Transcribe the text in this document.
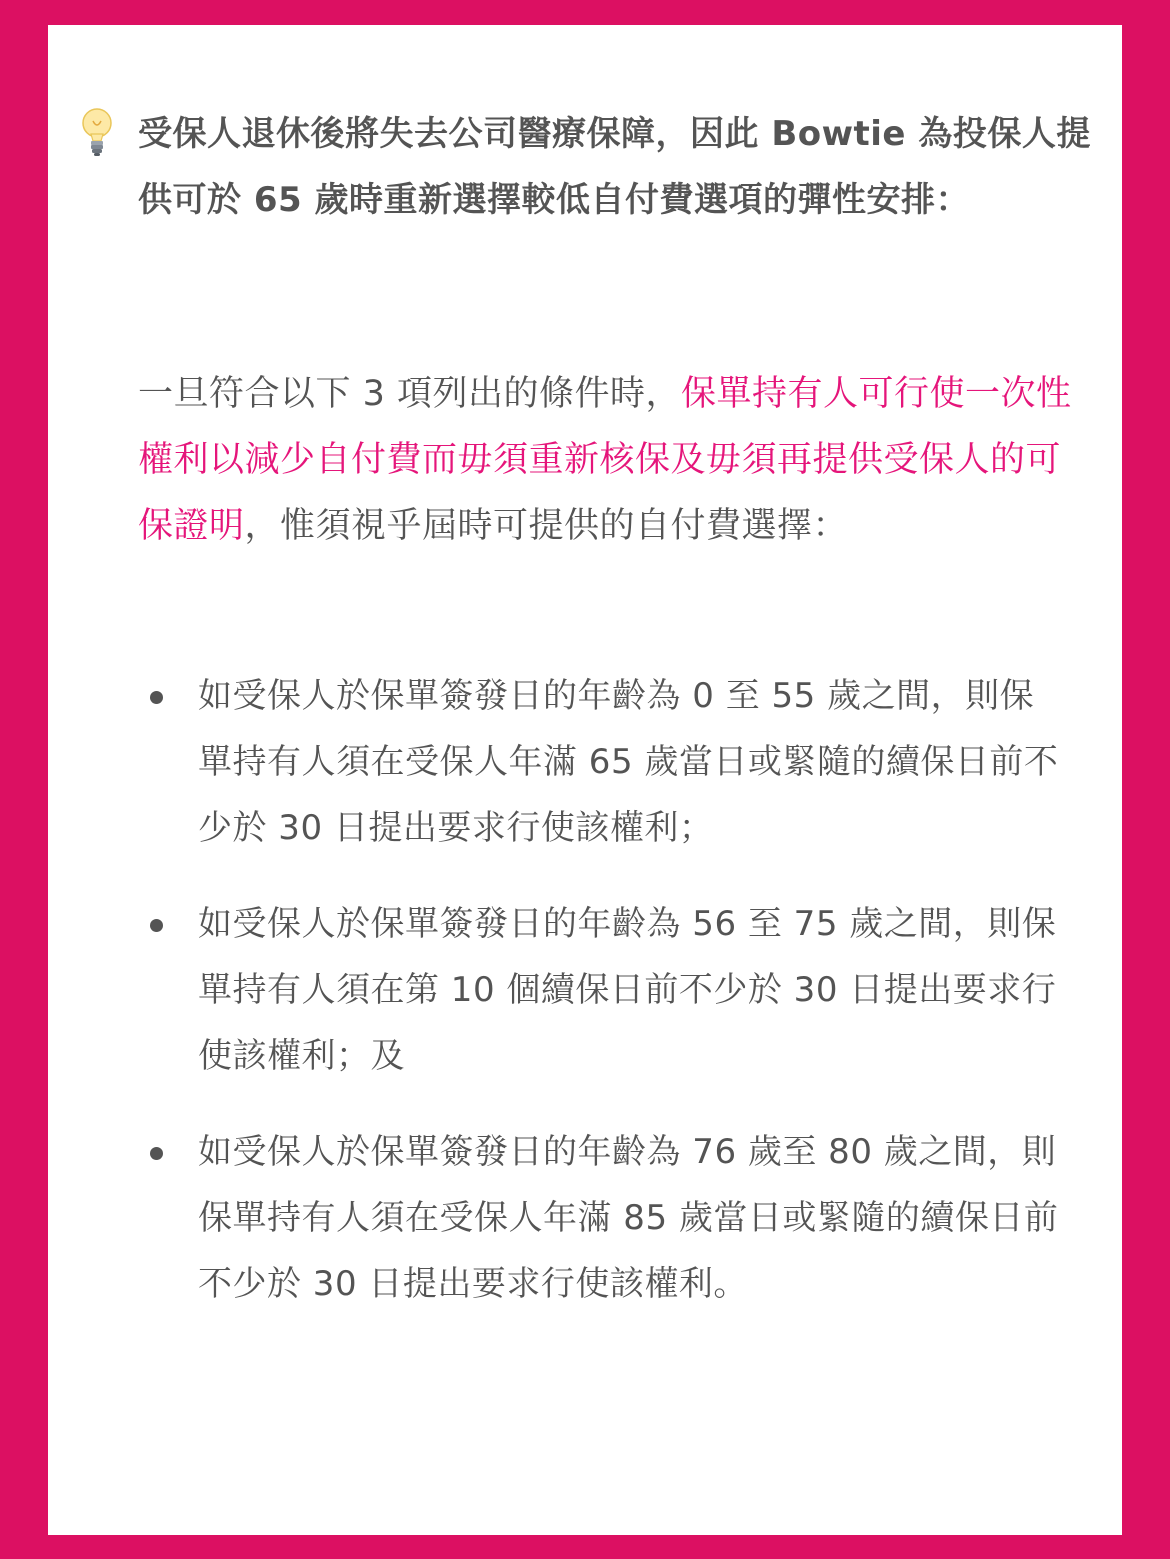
受保人退休後將失去公司醫療保障，因此 Bowtie 為投保人提供可於 65 歲時重新選擇較低自付費選項的彈性安排：
一旦符合以下 3 項列出的條件時，保單持有人可行使一次性權利以減少自付費而毋須重新核保及毋須再提供受保人的可保證明，惟須視乎屆時可提供的自付費選擇：
如受保人於保單簽發日的年齡為 0 至 55 歲之間，則保單持有人須在受保人年滿 65 歲當日或緊隨的續保日前不少於 30 日提出要求行使該權利；
如受保人於保單簽發日的年齡為 56 至 75 歲之間，則保單持有人須在第 10 個續保日前不少於 30 日提出要求行使該權利；及
如受保人於保單簽發日的年齡為 76 歲至 80 歲之間，則保單持有人須在受保人年滿 85 歲當日或緊隨的續保日前不少於 30 日提出要求行使該權利。
